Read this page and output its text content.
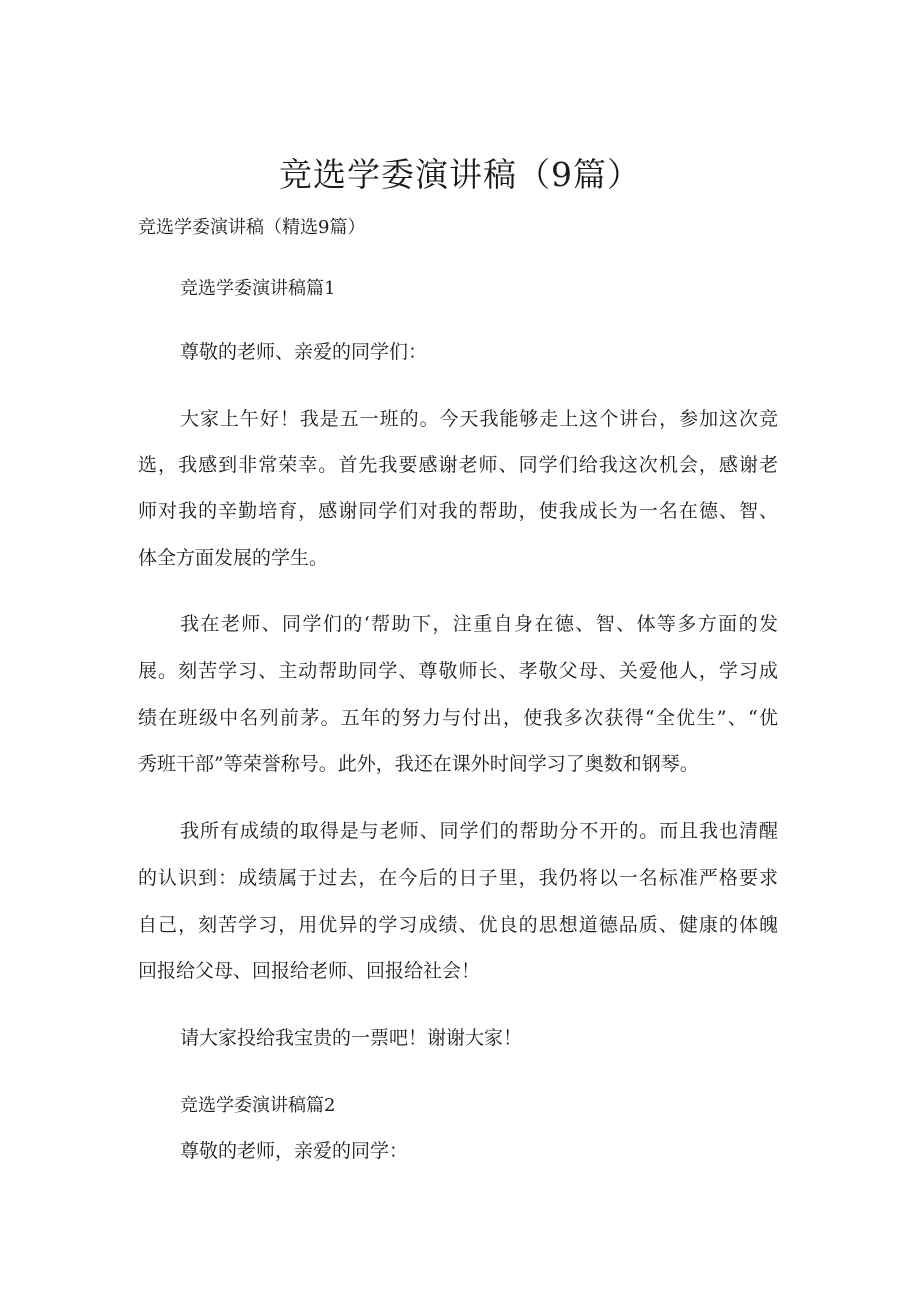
竞选学委演讲稿（9篇）
竞选学委演讲稿（精选9篇）
竞选学委演讲稿篇1
尊敬的老师、亲爱的同学们：
大家上午好！我是五一班的。今天我能够走上这个讲台，参加这次竞
选，我感到非常荣幸。首先我要感谢老师、同学们给我这次机会，感谢老
师对我的辛勤培育，感谢同学们对我的帮助，使我成长为一名在德、智、
体全方面发展的学生。
我在老师、同学们的‘帮助下，注重自身在德、智、体等多方面的发
展。刻苦学习、主动帮助同学、尊敬师长、孝敬父母、关爱他人，学习成
绩在班级中名列前茅。五年的努力与付出，使我多次获得“全优生”、“优
秀班干部”等荣誉称号。此外，我还在课外时间学习了奥数和钢琴。
我所有成绩的取得是与老师、同学们的帮助分不开的。而且我也清醒
的认识到：成绩属于过去，在今后的日子里，我仍将以一名标准严格要求
自己，刻苦学习，用优异的学习成绩、优良的思想道德品质、健康的体魄
回报给父母、回报给老师、回报给社会！
请大家投给我宝贵的一票吧！谢谢大家！
竞选学委演讲稿篇2
尊敬的老师，亲爱的同学：
